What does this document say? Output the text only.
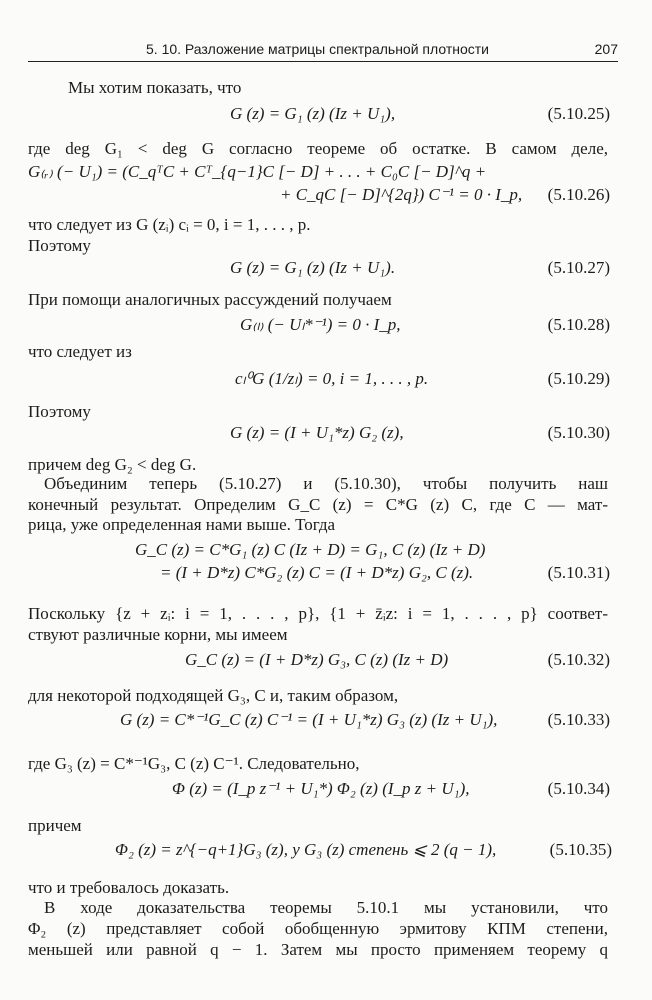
5. 10. Разложение матрицы спектральной плотности	207
Мы хотим показать, что
G (z) = G₁ (z) (Iz + U₁),	(5.10.25)
где deg G₁ < deg G согласно теореме об остатке. В самом деле,
G₍ᵣ₎ (− U₁) = (C_qᵀC + Cᵀ_{q−1}C [− D] + . . . + C₀C [− D]^q +
+ C_qC [− D]^{2q}) C⁻¹ = 0 · I_p, (5.10.26)
что следует из G (zᵢ) cᵢ = 0, i = 1, . . . , p.
Поэтому
G (z) = G₁ (z) (Iz + U₁).	(5.10.27)
При помощи аналогичных рассуждений получаем
G₍ₗ₎ (− Uₗ*⁻¹) = 0 · I_p,	(5.10.28)
что следует из
cₗ⁰G (1/zₗ) = 0, i = 1, . . . , p.	(5.10.29)
Поэтому
G (z) = (I + U₁*z) G₂ (z),	(5.10.30)
причем deg G₂ < deg G.
Объединим теперь (5.10.27) и (5.10.30), чтобы получить наш
конечный результат. Определим G_C (z) = C*G (z) C, где C — мат-
рица, уже определенная нами выше. Тогда
G_C (z) = C*G₁ (z) C (Iz + D) = G₁, C (z) (Iz + D)
= (I + D*z) C*G₂ (z) C = (I + D*z) G₂, C (z).	(5.10.31)
Поскольку {z + zᵢ: i = 1, . . . , p}, {1 + z̄ᵢz: i = 1, . . . , p} соответ-
ствуют различные корни, мы имеем
G_C (z) = (I + D*z) G₃, C (z) (Iz + D)	(5.10.32)
для некоторой подходящей G₃, C и, таким образом,
G (z) = C*⁻¹G_C (z) C⁻¹ = (I + U₁*z) G₃ (z) (Iz + U₁),	(5.10.33)
где G₃ (z) = C*⁻¹G₃, C (z) C⁻¹. Следовательно,
Φ (z) = (I_p z⁻¹ + U₁*) Φ₂ (z) (I_p z + U₁),	(5.10.34)
причем
Φ₂ (z) = z^{−q+1}G₃ (z), у G₃ (z) степень ⩽ 2 (q − 1),	(5.10.35)
что и требовалось доказать.
В ходе доказательства теоремы 5.10.1 мы установили, что
Φ₂ (z) представляет собой обобщенную эрмитову КПМ степени,
меньшей или равной q − 1. Затем мы просто применяем теорему q
